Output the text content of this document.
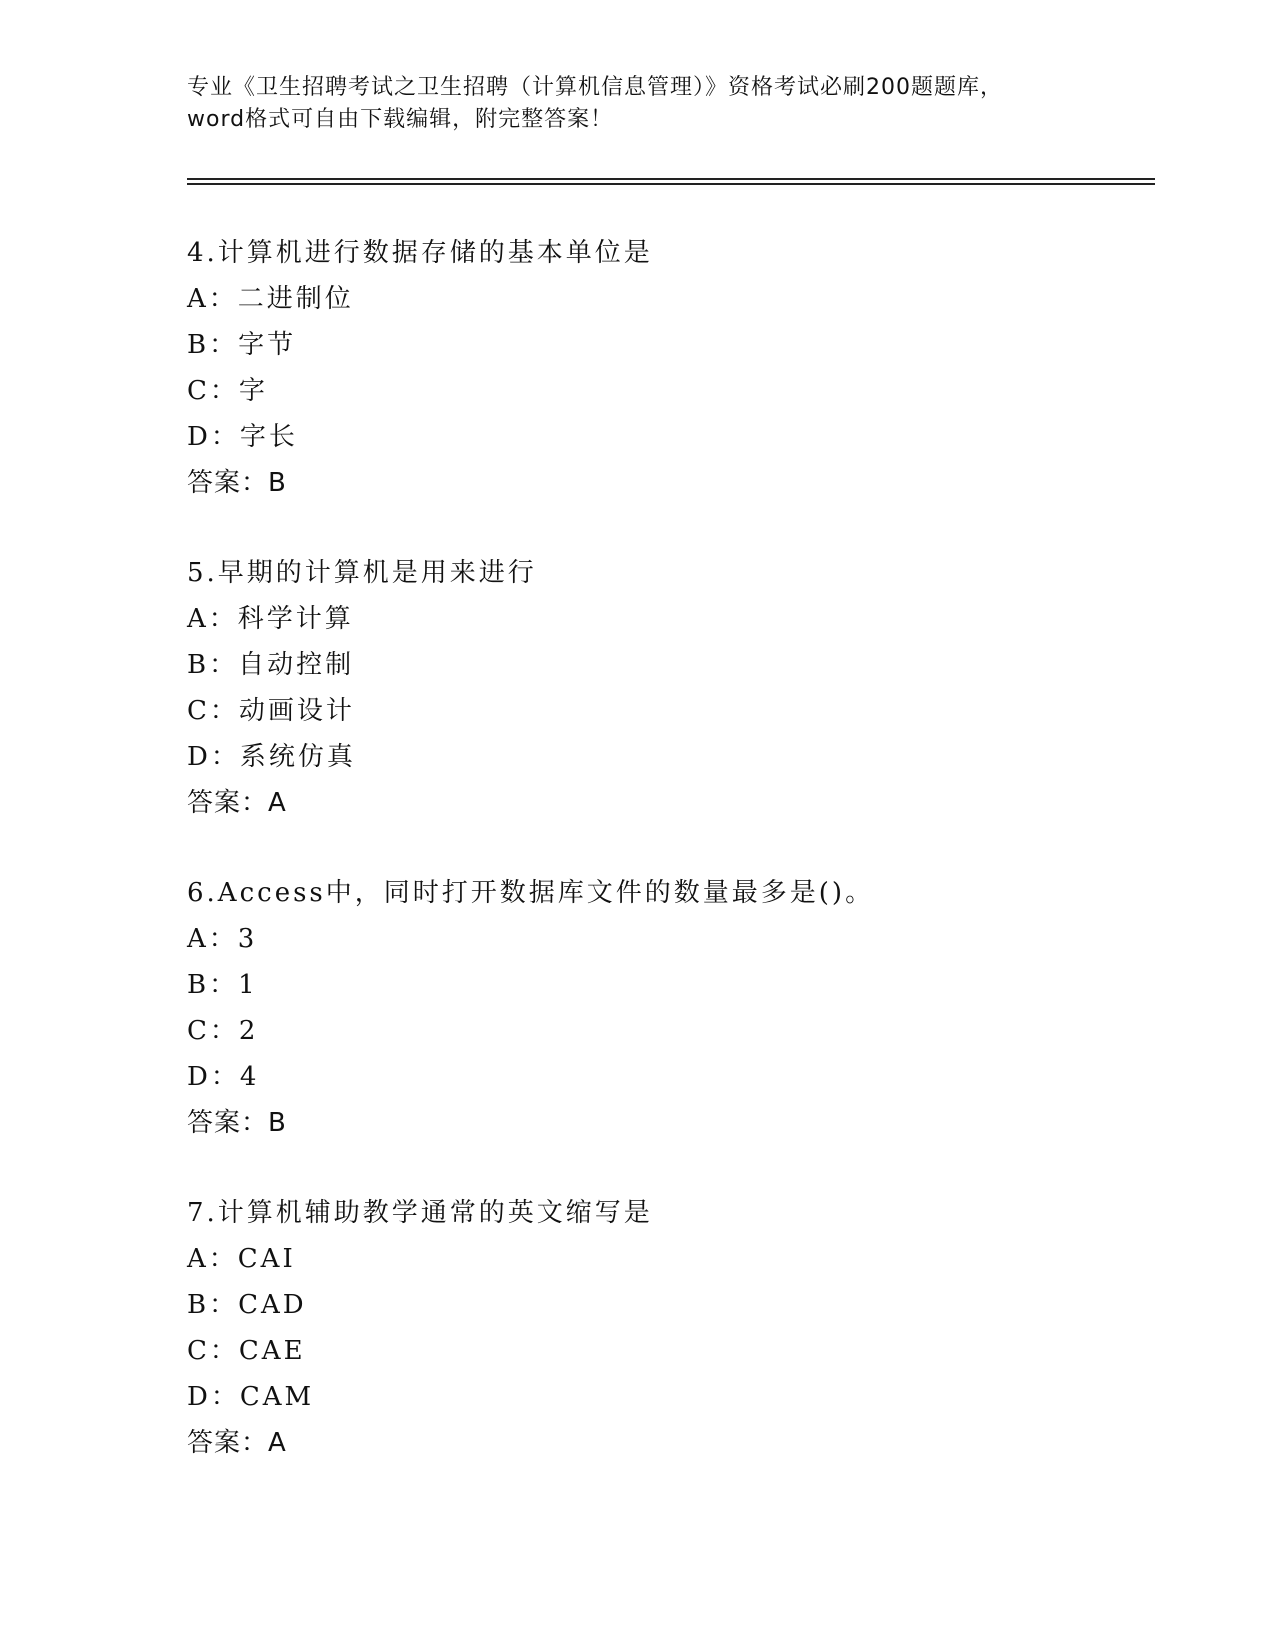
专业《卫生招聘考试之卫生招聘（计算机信息管理）》资格考试必刷200题题库，
word格式可自由下载编辑，附完整答案！
4.计算机进行数据存储的基本单位是
A：二进制位
B：字节
C：字
D：字长
答案：B
5.早期的计算机是用来进行
A：科学计算
B：自动控制
C：动画设计
D：系统仿真
答案：A
6.Access中，同时打开数据库文件的数量最多是()。
A：3
B：1
C：2
D：4
答案：B
7.计算机辅助教学通常的英文缩写是
A：CAI
B：CAD
C：CAE
D：CAM
答案：A
